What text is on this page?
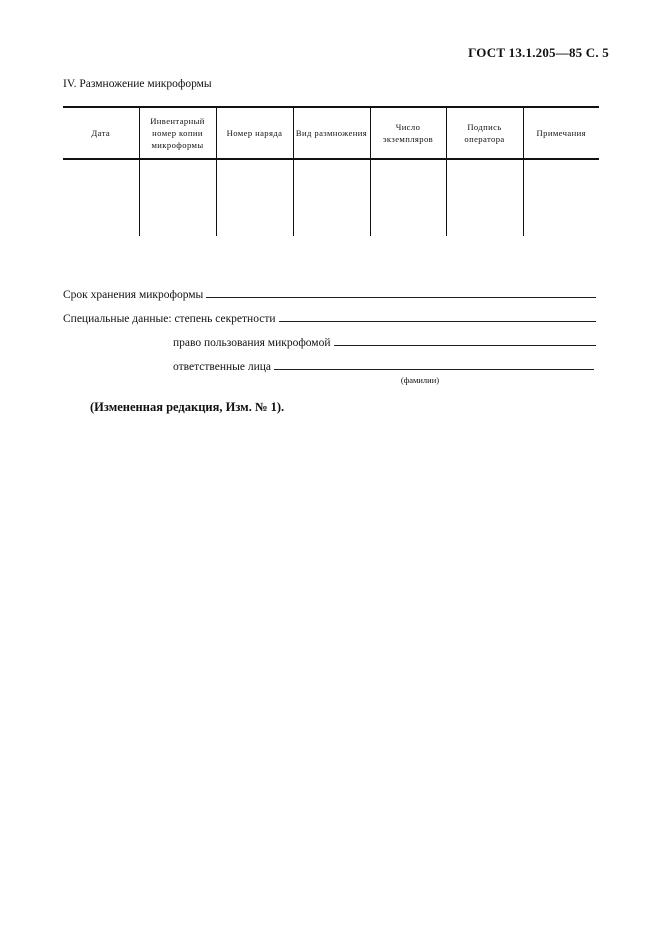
ГОСТ 13.1.205—85 С. 5
IV. Размножение микроформы
Дата	Инвентарный номер копии микроформы	Номер наряда	Вид размножения	Число экземпляров	Подпись оператора	Примечания

Срок хранения микроформы
Специальные данные: степень секретности
право пользования микрофомой
ответственные лица
(фамилии)
(Измененная редакция, Изм. № 1).
